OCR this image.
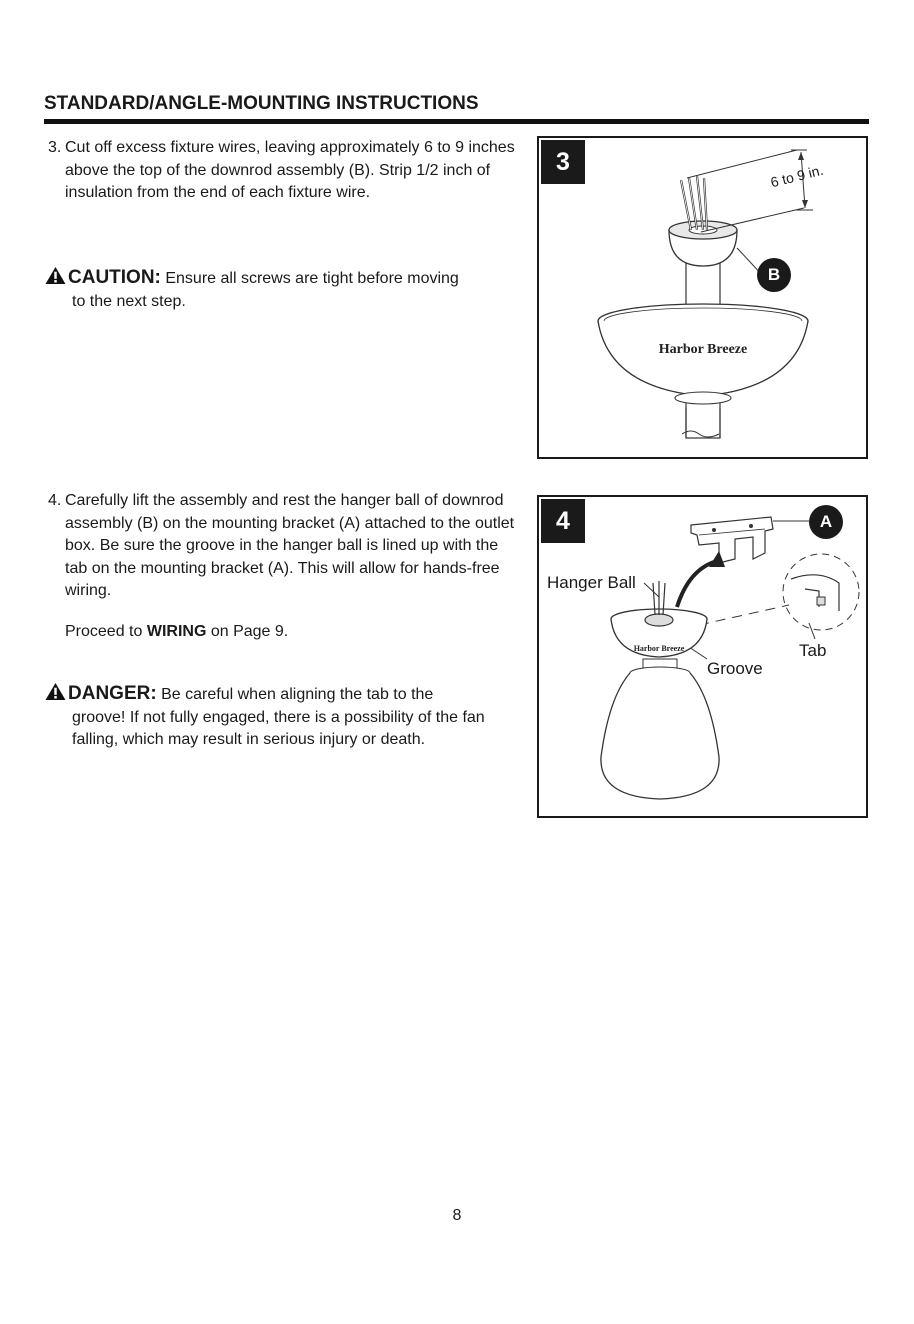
STANDARD/ANGLE-MOUNTING INSTRUCTIONS
3. Cut off excess fixture wires, leaving approximately 6 to 9 inches above the top of the downrod assembly (B). Strip 1/2 inch of insulation from the end of each fixture wire.
CAUTION: Ensure all screws are tight before moving
to the next step.
Harbor Breeze
3
6 to 9 in.
B
4. Carefully lift the assembly and rest the hanger ball of downrod assembly (B) on the mounting bracket (A) attached to the outlet box. Be sure the groove in the hanger ball is lined up with the tab on the mounting bracket (A). This will allow for hands-free wiring.

Proceed to WIRING on Page 9.

DANGER: Be careful when aligning the tab to the
groove! If not fully engaged, there is a possibility of the fan falling, which may result in serious injury or death.
Harbor Breeze
4	A
Hanger Ball
Groove
Tab
8
